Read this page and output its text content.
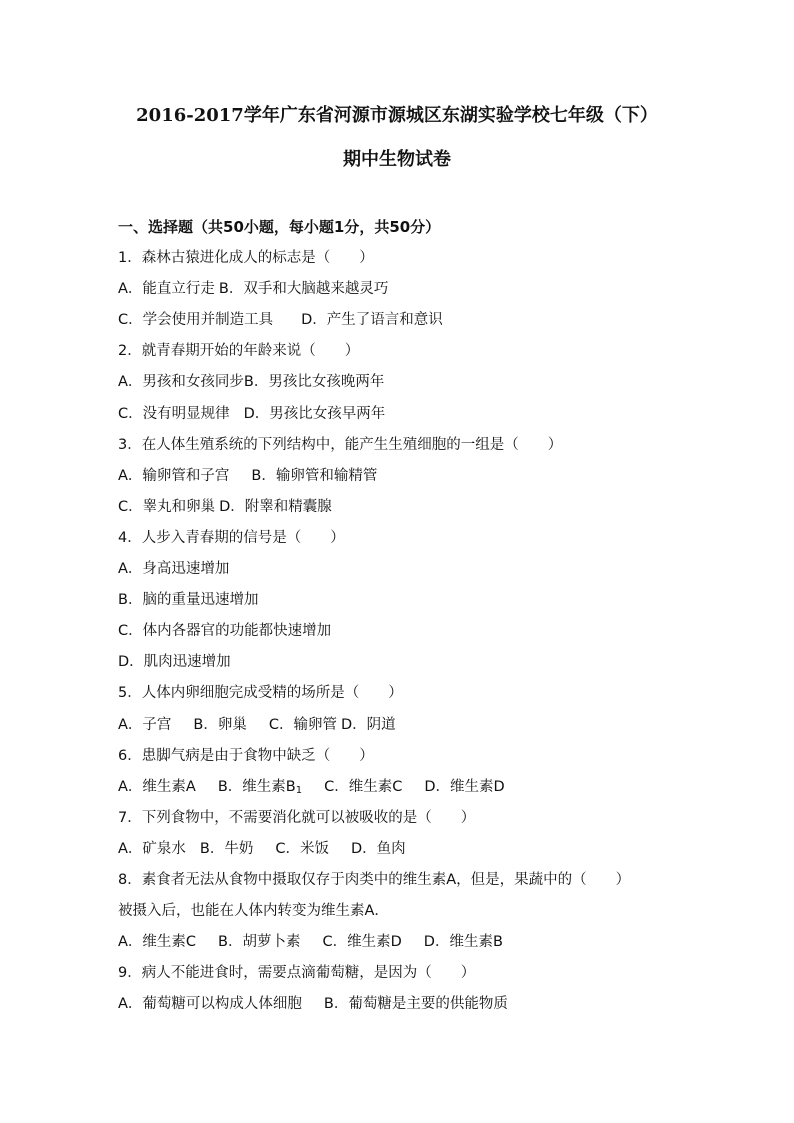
2016-2017学年广东省河源市源城区东湖实验学校七年级（下）
期中生物试卷
一、选择题（共50小题，每小题1分，共50分）
1．森林古猿进化成人的标志是（　　）
A．能直立行走 B．双手和大脑越来越灵巧
C．学会使用并制造工具 D．产生了语言和意识
2．就青春期开始的年龄来说（　　）
A．男孩和女孩同步B．男孩比女孩晚两年
C．没有明显规律 D．男孩比女孩早两年
3．在人体生殖系统的下列结构中，能产生生殖细胞的一组是（　　）
A．输卵管和子宫 B．输卵管和输精管
C．睾丸和卵巢 D．附睾和精囊腺
4．人步入青春期的信号是（　　）
A．身高迅速增加
B．脑的重量迅速增加
C．体内各器官的功能都快速增加
D．肌肉迅速增加
5．人体内卵细胞完成受精的场所是（　　）
A．子宫 B．卵巢 C．输卵管 D．阴道
6．患脚气病是由于食物中缺乏（　　）
A．维生素A B．维生素$B_1$ C．维生素C D．维生素D
7．下列食物中，不需要消化就可以被吸收的是（　　）
A．矿泉水 B．牛奶 C．米饭 D．鱼肉
8．素食者无法从食物中摄取仅存于肉类中的维生素A，但是，果蔬中的（　　）
被摄入后，也能在人体内转变为维生素A．
A．维生素C B．胡萝卜素 C．维生素D D．维生素B
9．病人不能进食时，需要点滴葡萄糖，是因为（　　）
A．葡萄糖可以构成人体细胞 B．葡萄糖是主要的供能物质
